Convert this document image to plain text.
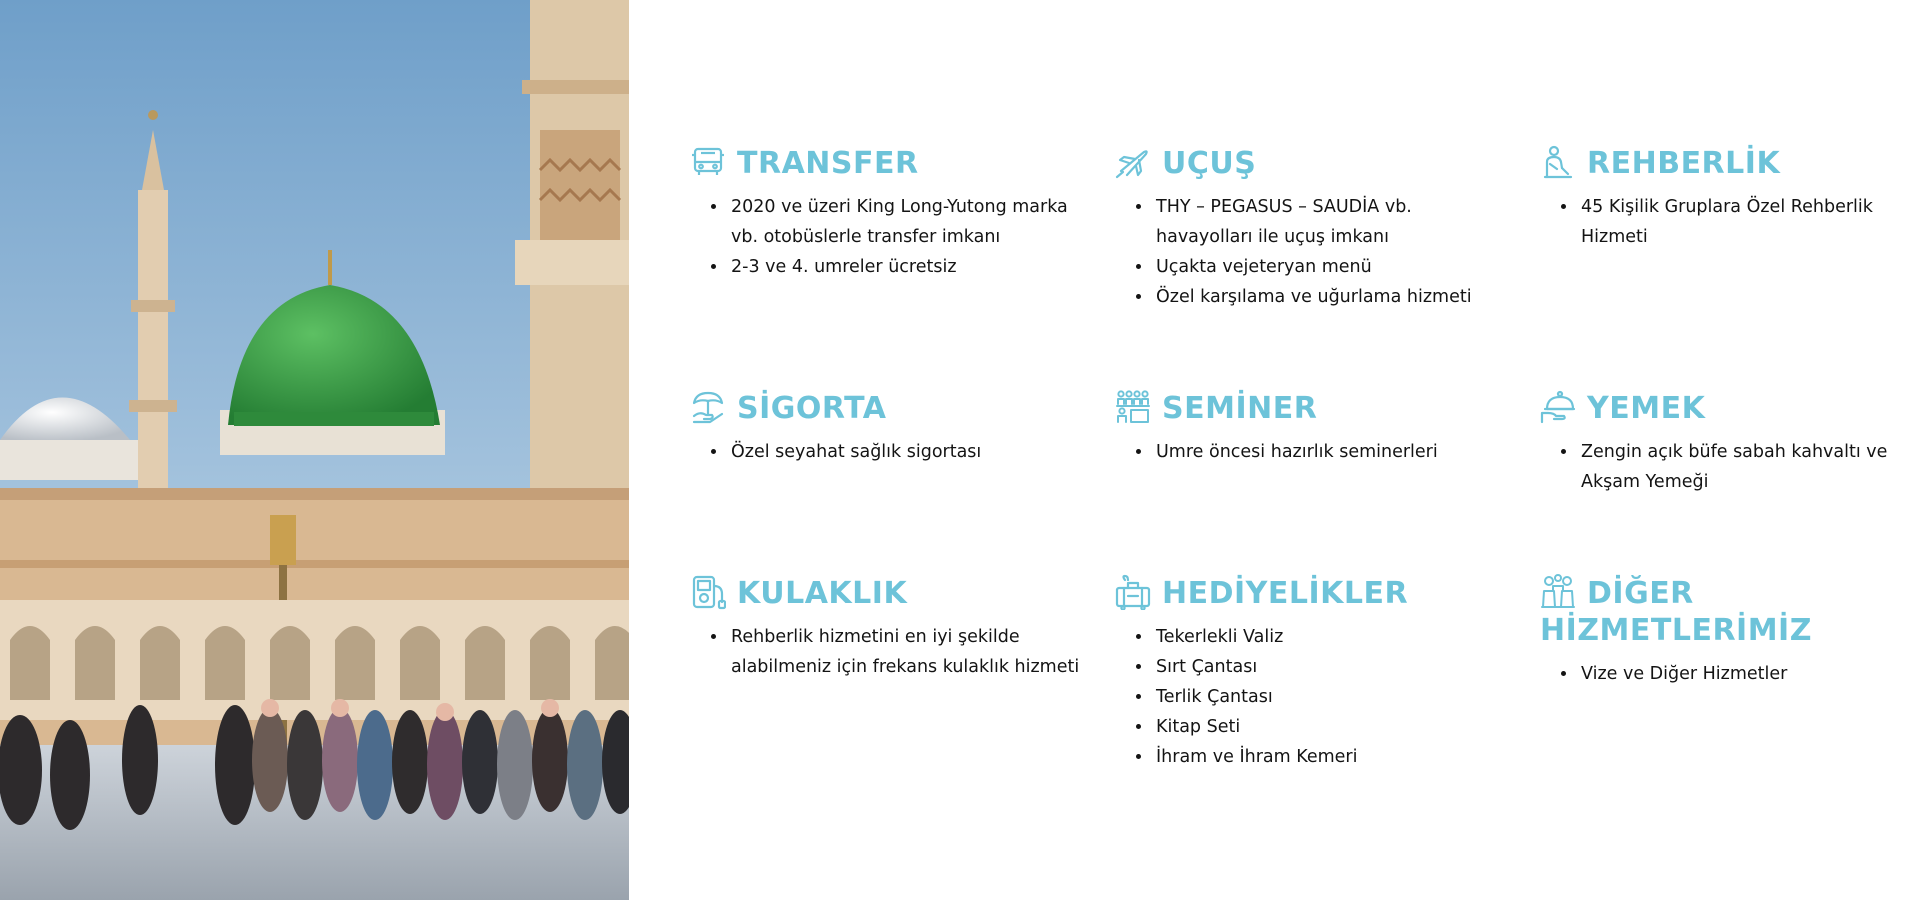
TRANSFER
• 2020 ve üzeri King Long-Yutong marka vb. otobüslerle transfer imkanı
• 2-3 ve 4. umreler ücretsiz
UÇUŞ
• THY – PEGASUS – SAUDİA vb. havayolları ile uçuş imkanı
• Uçakta vejeteryan menü
• Özel karşılama ve uğurlama hizmeti
REHBERLİK
• 45 Kişilik Gruplara Özel Rehberlik Hizmeti
SİGORTA
• Özel seyahat sağlık sigortası
SEMİNER
• Umre öncesi hazırlık seminerleri
YEMEK
• Zengin açık büfe sabah kahvaltı ve Akşam Yemeği
KULAKLIK
• Rehberlik hizmetini en iyi şekilde alabilmeniz için frekans kulaklık hizmeti
HEDİYELİKLER
• Tekerlekli Valiz
• Sırt Çantası
• Terlik Çantası
• Kitap Seti
• İhram ve İhram Kemeri
DİĞER HİZMETLERİMİZ
• Vize ve Diğer Hizmetler
